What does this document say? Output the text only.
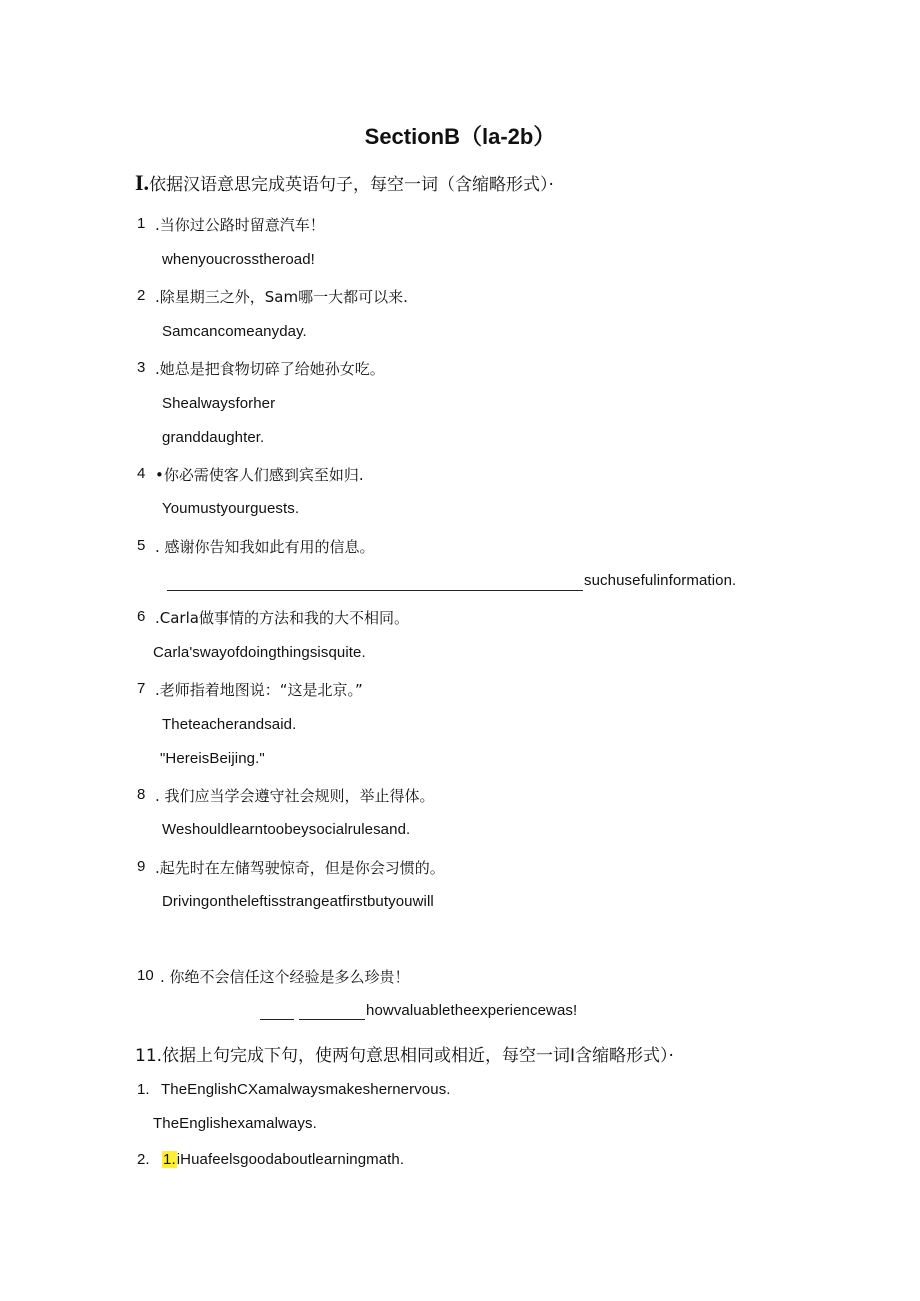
SectionB（la-2b）
I.依据汉语意思完成英语句子，每空一词（含缩略形式）·
1 .当你过公路时留意汽车！
whenyoucrosstheroad!
2 .除星期三之外，Sam哪一大都可以来.
Samcancomeanyday.
3 .她总是把食物切碎了给她孙女吃。
Shealwaysforher
granddaughter.
4 •你必需使客人们感到宾至如归.
Youmustyourguests.
5 . 感谢你告知我如此有用的信息。
suchusefulinformation.
6 .Carla做事情的方法和我的大不相同。
Carla'swayofdoingthingsisquite.
7 .老师指着地图说：“这是北京。”
Theteacherandsaid.
"HereisBeijing."
8 . 我们应当学会遵守社会规则，举止得体。
Weshouldlearntoobeysocialrulesand.
9 .起先时在左储驾驶惊奇，但是你会习惯的。
Drivingontheleftisstrangeatfirstbutyouwill
10 . 你绝不会信任这个经验是多么珍贵！
howvaluabletheexperiencewas!
11.依据上句完成下句，使两句意思相同或相近，每空一词I含缩略形式）·
1. TheEnglishCXamalwaysmakeshernervous.
TheEnglishexamalways.
2. 1.iHuafeelsgoodaboutlearningmath.
